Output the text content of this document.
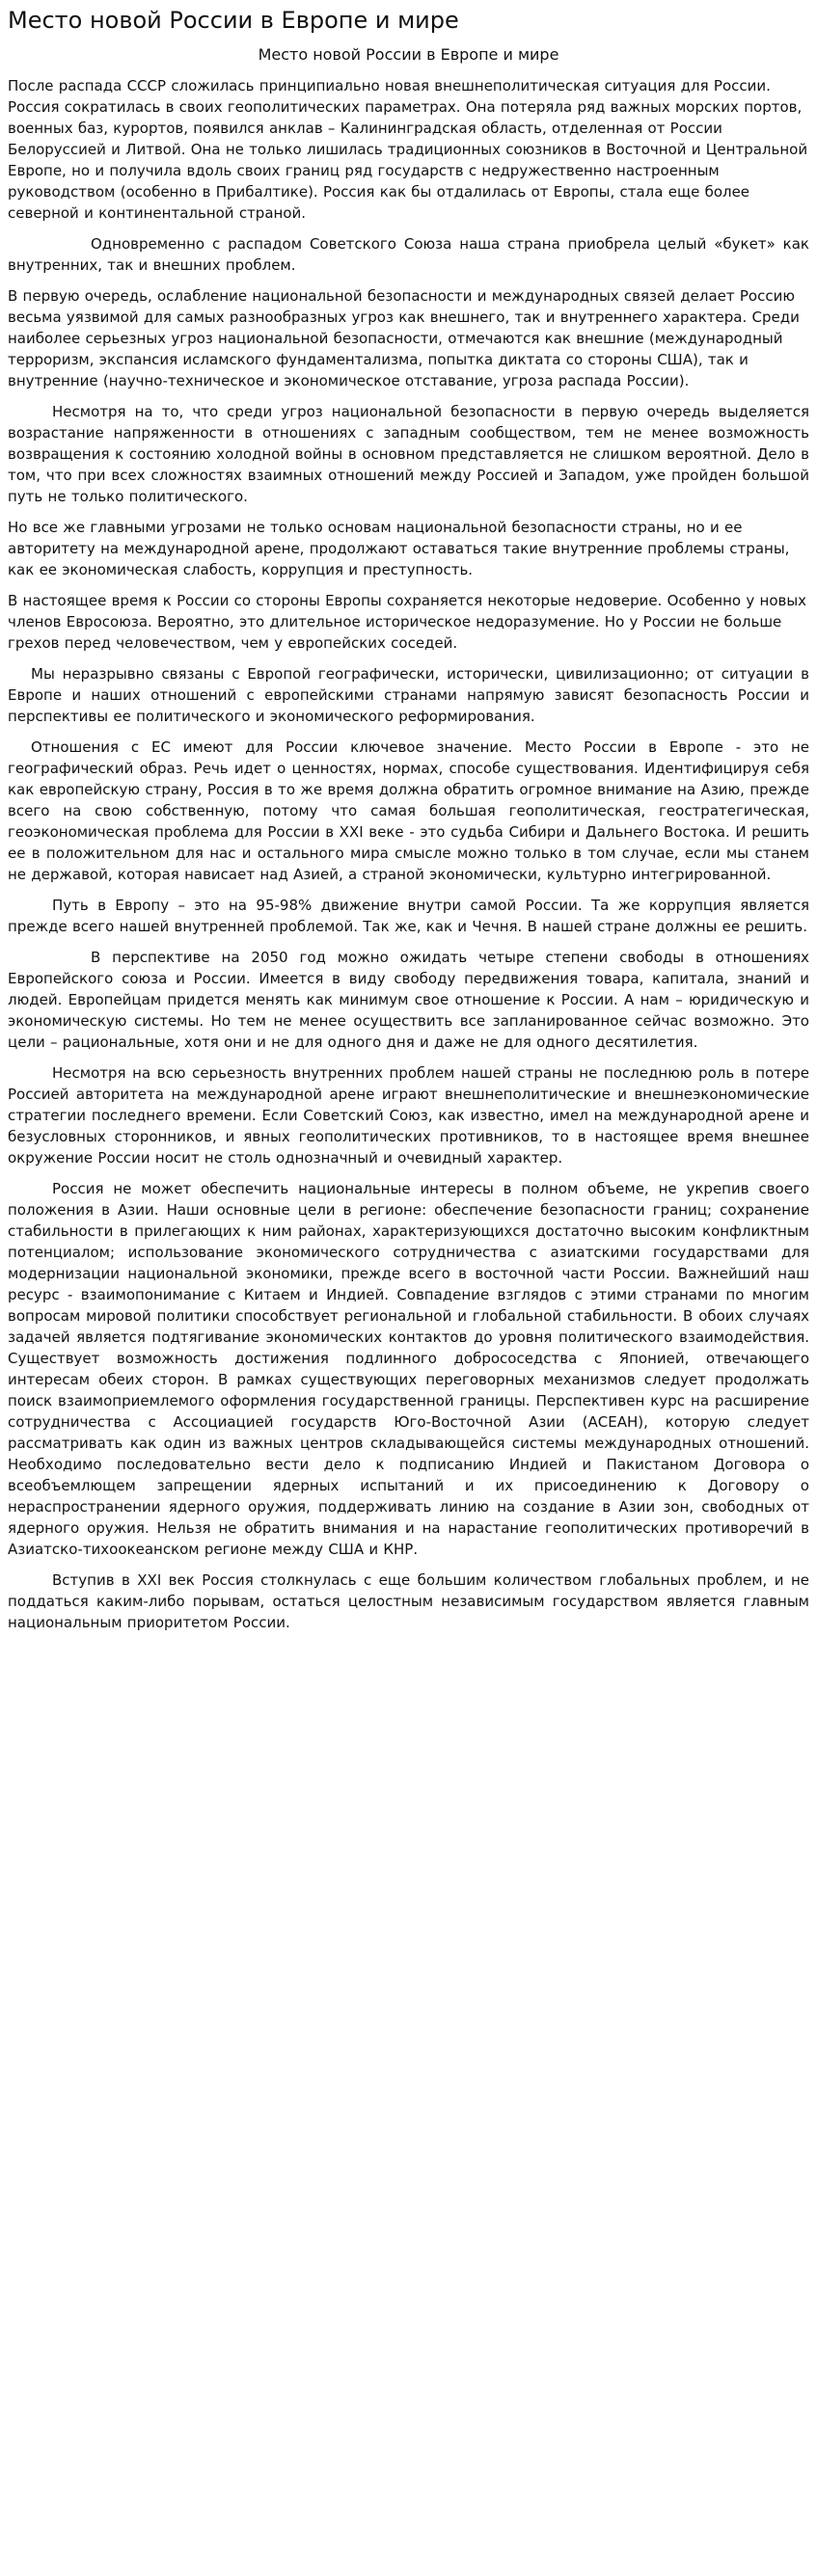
Место новой России в Европе и мире
Место новой России в Европе и мире

После распада СССР сложилась принципиально новая внешнеполитическая ситуация для России. Россия сократилась в своих геополитических параметрах. Она потеряла ряд важных морских портов, военных баз, курортов, появился анклав – Калининградская область, отделенная от России Белоруссией и Литвой. Она не только лишилась традиционных союзников в Восточной и Центральной Европе, но и получила вдоль своих границ ряд государств с недружественно настроенным руководством (особенно в Прибалтике). Россия как бы отдалилась от Европы, стала еще более северной и континентальной страной.

Одновременно с распадом Советского Союза наша страна приобрела целый «букет» как внутренних, так и внешних проблем.

В первую очередь, ослабление национальной безопасности и международных связей делает Россию весьма уязвимой для самых разнообразных угроз как внешнего, так и внутреннего характера. Среди наиболее серьезных угроз национальной безопасности, отмечаются как внешние (международный терроризм, экспансия исламского фундаментализма, попытка диктата со стороны США), так и внутренние (научно-техническое и экономическое отставание, угроза распада России).

Несмотря на то, что среди угроз национальной безопасности в первую очередь выделяется возрастание напряженности в отношениях с западным сообществом, тем не менее возможность возвращения к состоянию холодной войны в основном представляется не слишком вероятной. Дело в том, что при всех сложностях взаимных отношений между Россией и Западом, уже пройден большой путь не только политического.

Но все же главными угрозами не только основам национальной безопасности страны, но и ее авторитету на международной арене, продолжают оставаться такие внутренние проблемы страны, как ее экономическая слабость, коррупция и преступность.

В настоящее время к России со стороны Европы сохраняется некоторые недоверие. Особенно у новых членов Евросоюза. Вероятно, это длительное историческое недоразумение. Но у России не больше грехов перед человечеством, чем у европейских соседей.

Мы неразрывно связаны с Европой географически, исторически, цивилизационно; от ситуации в Европе и наших отношений с европейскими странами напрямую зависят безопасность России и перспективы ее политического и экономического реформирования.

Отношения с ЕС имеют для России ключевое значение. Место России в Европе - это не географический образ. Речь идет о ценностях, нормах, способе существования. Идентифицируя себя как европейскую страну, Россия в то же время должна обратить огромное внимание на Азию, прежде всего на свою собственную, потому что самая большая геополитическая, геостратегическая, геоэкономическая проблема для России в XXI веке - это судьба Сибири и Дальнего Востока. И решить ее в положительном для нас и остального мира смысле можно только в том случае, если мы станем не державой, которая нависает над Азией, а страной экономически, культурно интегрированной.

Путь в Европу – это на 95-98% движение внутри самой России. Та же коррупция является прежде всего нашей внутренней проблемой. Так же, как и Чечня. В нашей стране должны ее решить.

В перспективе на 2050 год можно ожидать четыре степени свободы в отношениях Европейского союза и России. Имеется в виду свободу передвижения товара, капитала, знаний и людей. Европейцам придется менять как минимум свое отношение к России. А нам – юридическую и экономическую системы. Но тем не менее осуществить все запланированное сейчас возможно. Это цели – рациональные, хотя они и не для одного дня и даже не для одного десятилетия.

Несмотря на всю серьезность внутренних проблем нашей страны не последнюю роль в потере Россией авторитета на международной арене играют внешнеполитические и внешнеэкономические стратегии последнего времени. Если Советский Союз, как известно, имел на международной арене и безусловных сторонников, и явных геополитических противников, то в настоящее время внешнее окружение России носит не столь однозначный и очевидный характер.

Россия не может обеспечить национальные интересы в полном объеме, не укрепив своего положения в Азии. Наши основные цели в регионе: обеспечение безопасности границ; сохранение стабильности в прилегающих к ним районах, характеризующихся достаточно высоким конфликтным потенциалом; использование экономического сотрудничества с азиатскими государствами для модернизации национальной экономики, прежде всего в восточной части России. Важнейший наш ресурс - взаимопонимание с Китаем и Индией. Совпадение взглядов с этими странами по многим вопросам мировой политики способствует региональной и глобальной стабильности. В обоих случаях задачей является подтягивание экономических контактов до уровня политического взаимодействия. Существует возможность достижения подлинного добрососедства с Японией, отвечающего интересам обеих сторон. В рамках существующих переговорных механизмов следует продолжать поиск взаимоприемлемого оформления государственной границы. Перспективен курс на расширение сотрудничества с Ассоциацией государств Юго-Восточной Азии (АСЕАН), которую следует рассматривать как один из важных центров складывающейся системы международных отношений. Необходимо последовательно вести дело к подписанию Индией и Пакистаном Договора о всеобъемлющем запрещении ядерных испытаний и их присоединению к Договору о нераспространении ядерного оружия, поддерживать линию на создание в Азии зон, свободных от ядерного оружия. Нельзя не обратить внимания и на нарастание геополитических противоречий в Азиатско-тихоокеанском регионе между США и КНР.

Вступив в XXI век Россия столкнулась с еще большим количеством глобальных проблем, и не поддаться каким-либо порывам, остаться целостным независимым государством является главным национальным приоритетом России.
